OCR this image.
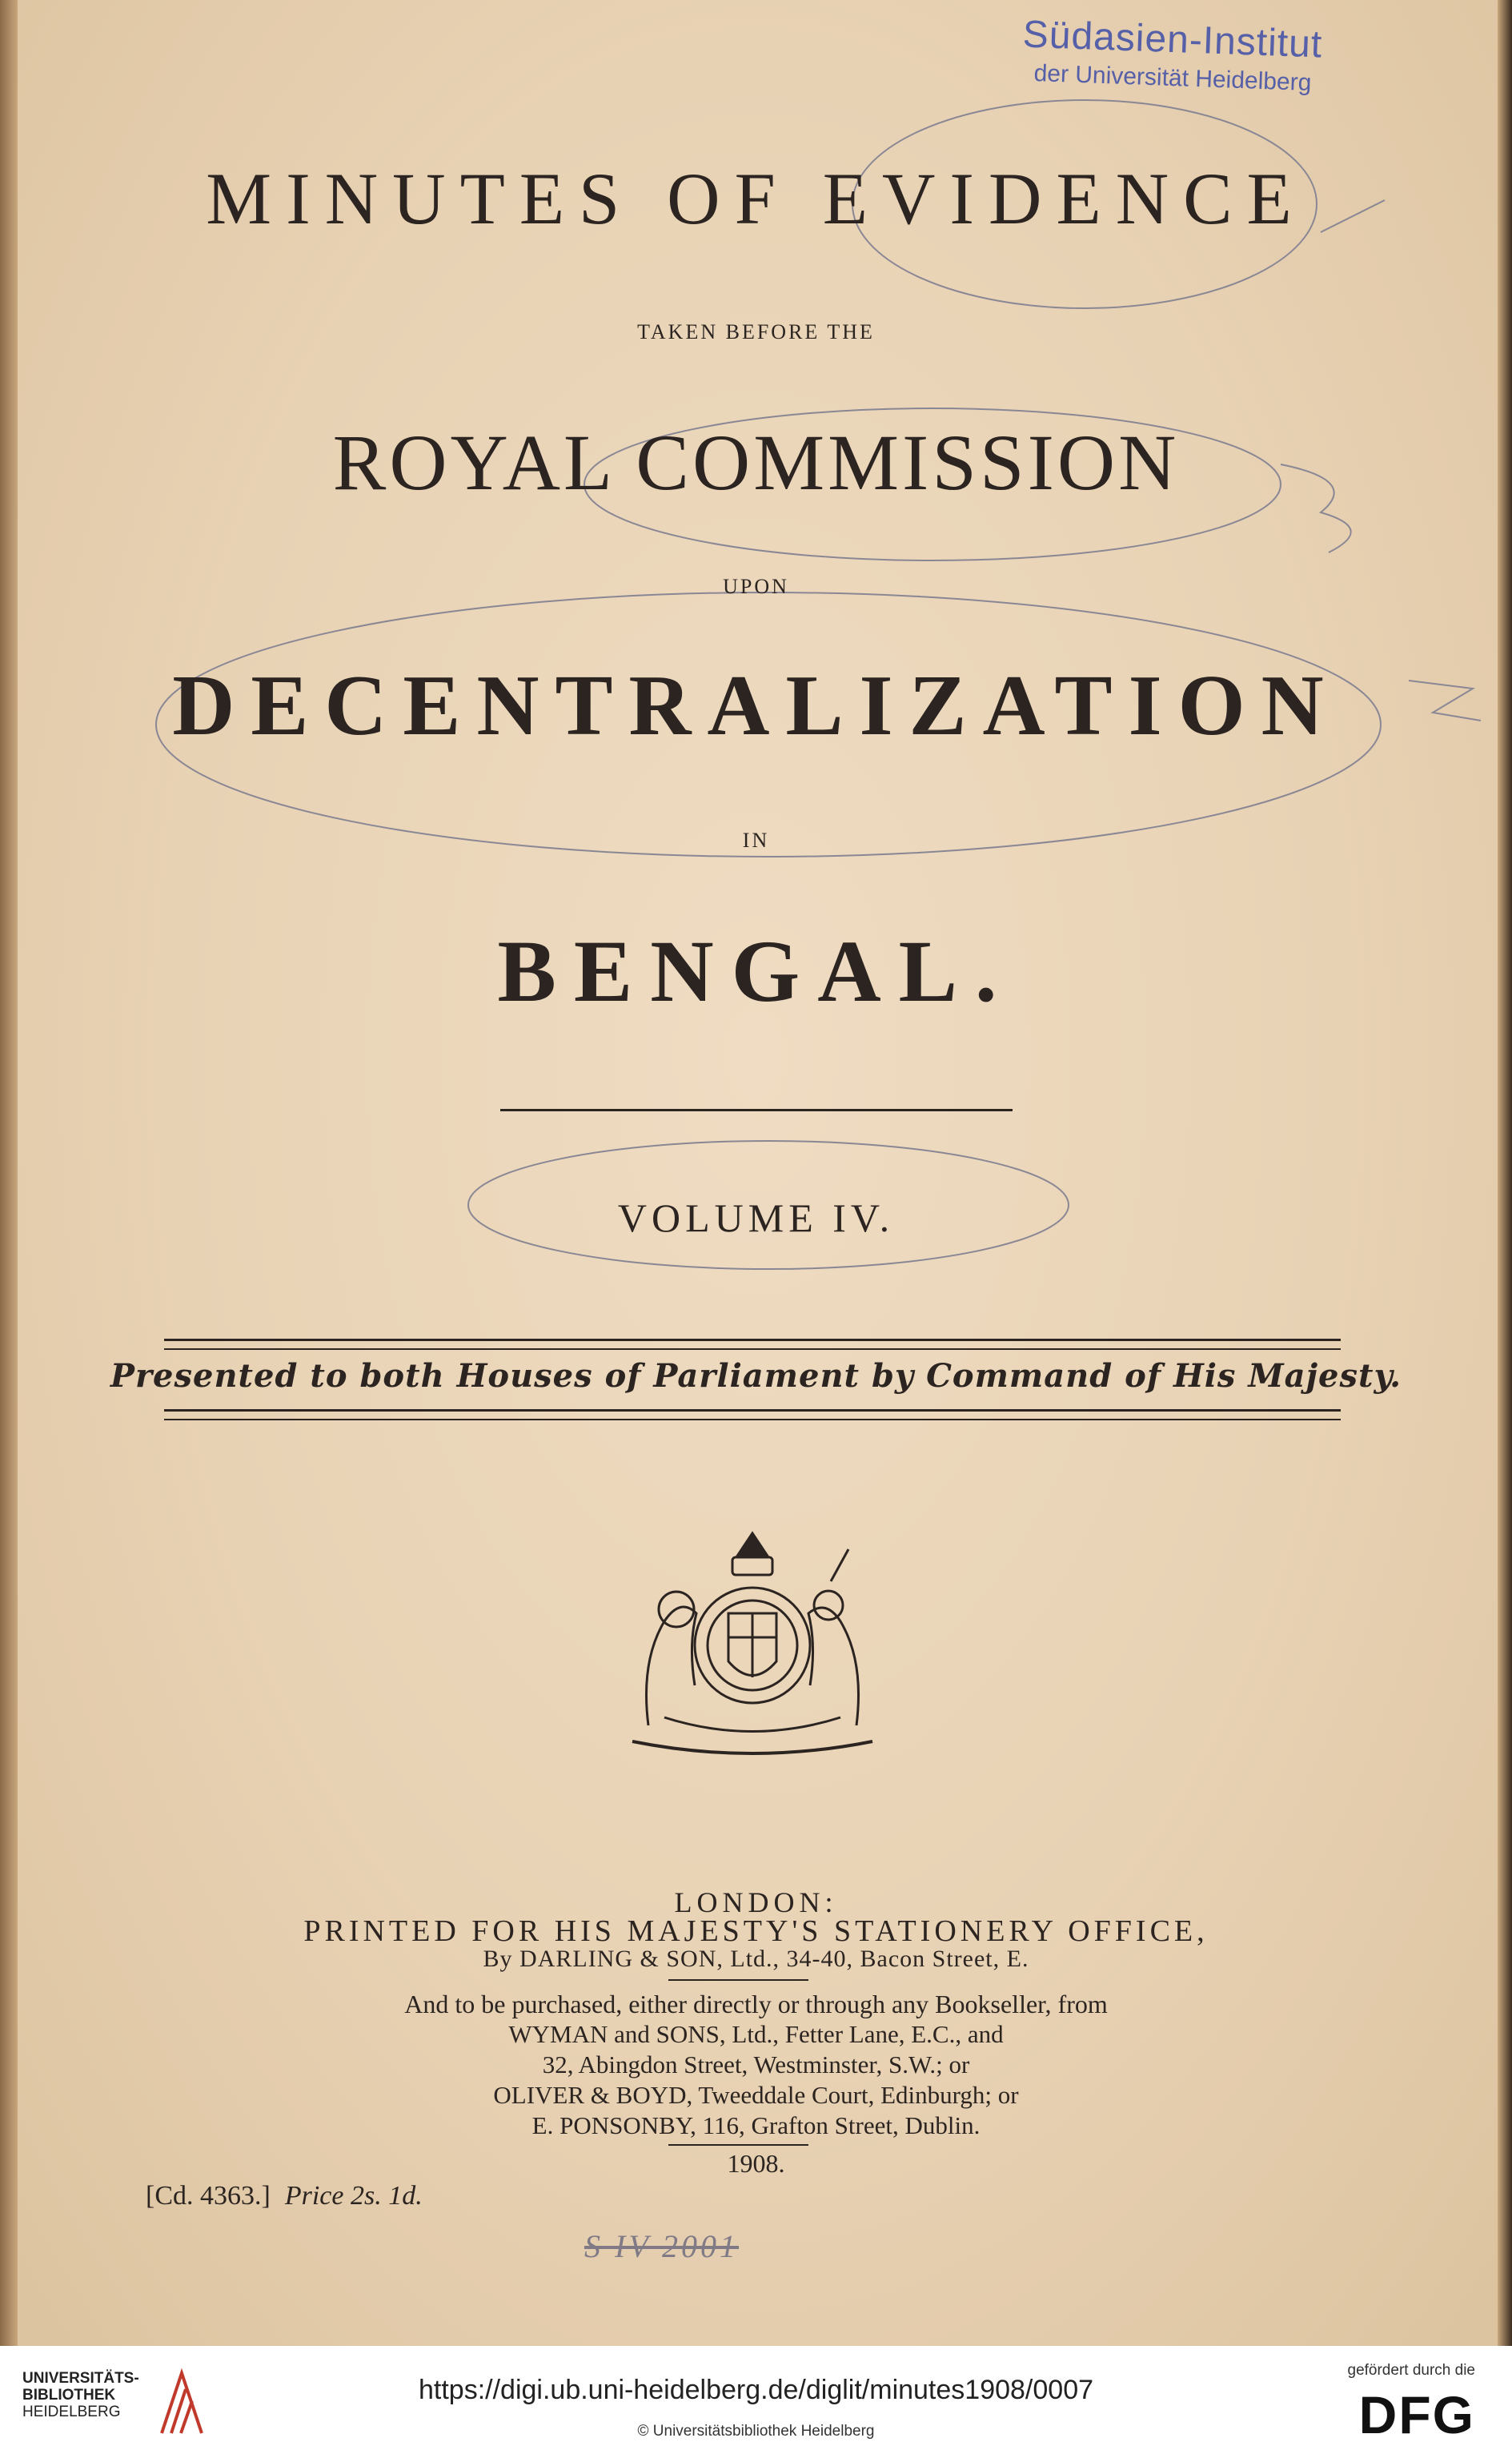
Südasien-Institut
der Universität Heidelberg
MINUTES OF EVIDENCE
TAKEN BEFORE THE
ROYAL COMMISSION
UPON
DECENTRALIZATION
IN
BENGAL.
VOLUME IV.
Presented to both Houses of Parliament by Command of His Majesty.
LONDON:
PRINTED FOR HIS MAJESTY'S STATIONERY OFFICE,
By DARLING & SON, Ltd., 34-40, Bacon Street, E.
And to be purchased, either directly or through any Bookseller, from
WYMAN and SONS, Ltd., Fetter Lane, E.C., and
32, Abingdon Street, Westminster, S.W.; or
OLIVER & BOYD, Tweeddale Court, Edinburgh; or
E. PONSONBY, 116, Grafton Street, Dublin.
1908.
[Cd. 4363.] Price 2s. 1d.
S IV 2001
UNIVERSITÄTS-
BIBLIOTHEK
HEIDELBERG
https://digi.ub.uni-heidelberg.de/diglit/minutes1908/0007
© Universitätsbibliothek Heidelberg
gefördert durch die
DFG
